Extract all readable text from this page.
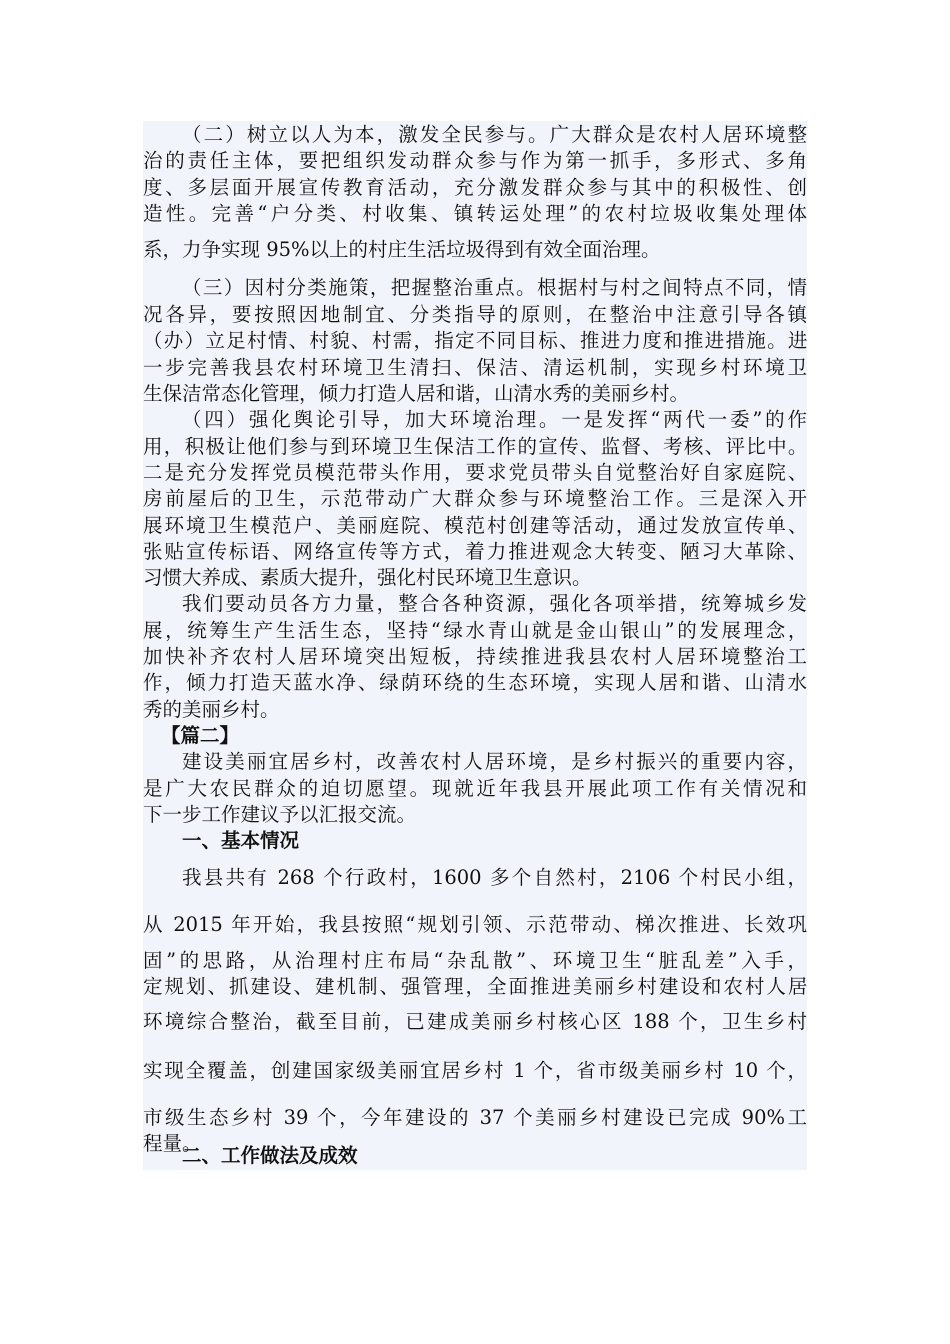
（二）树立以人为本，激发全民参与。广大群众是农村人居环境整
治的责任主体，要把组织发动群众参与作为第一抓手，多形式、多角
度、多层面开展宣传教育活动，充分激发群众参与其中的积极性、创
造性。完善“户分类、村收集、镇转运处理”的农村垃圾收集处理体
系，力争实现 95%以上的村庄生活垃圾得到有效全面治理。
（三）因村分类施策，把握整治重点。根据村与村之间特点不同，情
况各异，要按照因地制宜、分类指导的原则，在整治中注意引导各镇
（办）立足村情、村貌、村需，指定不同目标、推进力度和推进措施。进
一步完善我县农村环境卫生清扫、保洁、清运机制，实现乡村环境卫
生保洁常态化管理，倾力打造人居和谐，山清水秀的美丽乡村。
（四）强化舆论引导，加大环境治理。一是发挥“两代一委”的作
用，积极让他们参与到环境卫生保洁工作的宣传、监督、考核、评比中。
二是充分发挥党员模范带头作用，要求党员带头自觉整治好自家庭院、
房前屋后的卫生，示范带动广大群众参与环境整治工作。三是深入开
展环境卫生模范户、美丽庭院、模范村创建等活动，通过发放宣传单、
张贴宣传标语、网络宣传等方式，着力推进观念大转变、陋习大革除、
习惯大养成、素质大提升，强化村民环境卫生意识。
我们要动员各方力量，整合各种资源，强化各项举措，统筹城乡发
展，统筹生产生活生态，坚持“绿水青山就是金山银山”的发展理念，
加快补齐农村人居环境突出短板，持续推进我县农村人居环境整治工
作，倾力打造天蓝水净、绿荫环绕的生态环境，实现人居和谐、山清水
秀的美丽乡村。
【篇二】
建设美丽宜居乡村，改善农村人居环境，是乡村振兴的重要内容，
是广大农民群众的迫切愿望。现就近年我县开展此项工作有关情况和
下一步工作建议予以汇报交流。
一、基本情况
我县共有 268 个行政村，1600 多个自然村，2106 个村民小组，
从 2015 年开始，我县按照“规划引领、示范带动、梯次推进、长效巩
固”的思路，从治理村庄布局“杂乱散”、环境卫生“脏乱差”入手，
定规划、抓建设、建机制、强管理，全面推进美丽乡村建设和农村人居
环境综合整治，截至目前，已建成美丽乡村核心区 188 个，卫生乡村
实现全覆盖，创建国家级美丽宜居乡村 1 个，省市级美丽乡村 10 个，
市级生态乡村 39 个，今年建设的 37 个美丽乡村建设已完成 90%工
程量。
二、工作做法及成效
